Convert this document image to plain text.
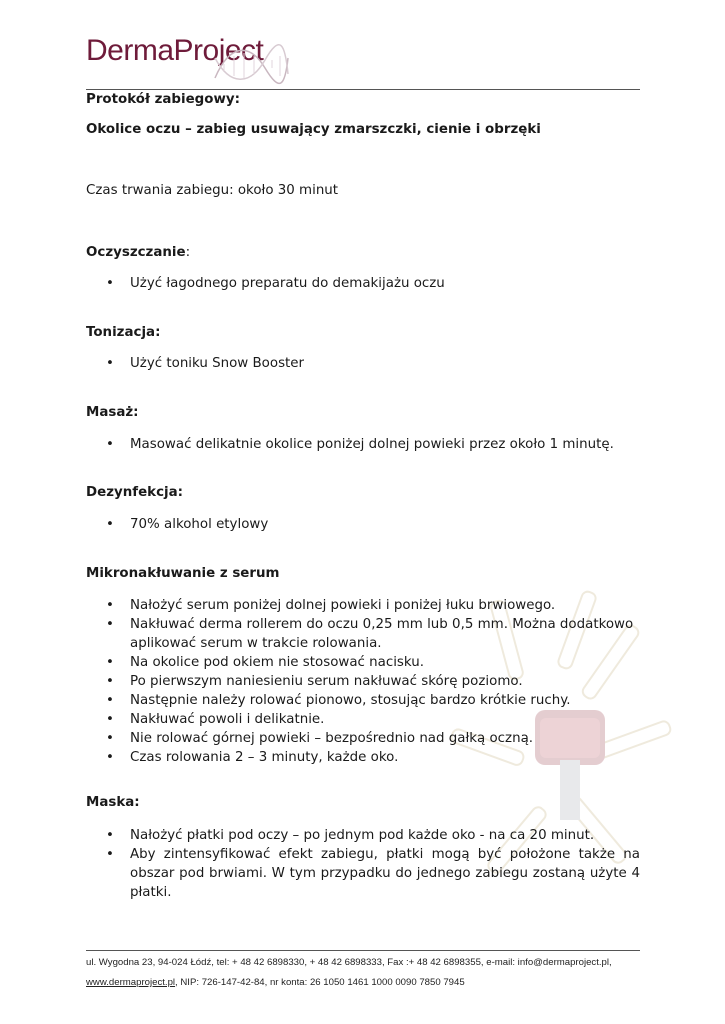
DermaProject
Protokół zabiegowy:
Okolice oczu – zabieg usuwający zmarszczki, cienie i obrzęki
Czas trwania zabiegu: około 30 minut
Oczyszczanie:
• Użyć łagodnego preparatu do demakijażu oczu
Tonizacja:
• Użyć toniku Snow Booster
Masaż:
• Masować delikatnie okolice poniżej dolnej powieki przez około 1 minutę.
Dezynfekcja:
• 70% alkohol etylowy
Mikronakłuwanie z serum
• Nałożyć serum poniżej dolnej powieki i poniżej łuku brwiowego.
• Nakłuwać derma rollerem do oczu 0,25 mm lub 0,5 mm. Można dodatkowo aplikować serum w trakcie rolowania.
• Na okolice pod okiem nie stosować nacisku.
• Po pierwszym naniesieniu serum nakłuwać skórę poziomo.
• Następnie należy rolować pionowo, stosując bardzo krótkie ruchy.
• Nakłuwać powoli i delikatnie.
• Nie rolować górnej powieki – bezpośrednio nad gałką oczną.
• Czas rolowania 2 – 3 minuty, każde oko.
Maska:
• Nałożyć płatki pod oczy – po jednym pod każde oko - na ca 20 minut.
• Aby zintensyfikować efekt zabiegu, płatki mogą być położone także na obszar pod brwiami. W tym przypadku do jednego zabiegu zostaną użyte 4 płatki.
ul. Wygodna 23, 94-024 Łódź, tel: + 48 42 6898330, + 48 42 6898333, Fax :+ 48 42 6898355, e-mail: info@dermaproject.pl,
www.dermaproject.pl, NIP: 726-147-42-84, nr konta: 26 1050 1461 1000 0090 7850 7945
